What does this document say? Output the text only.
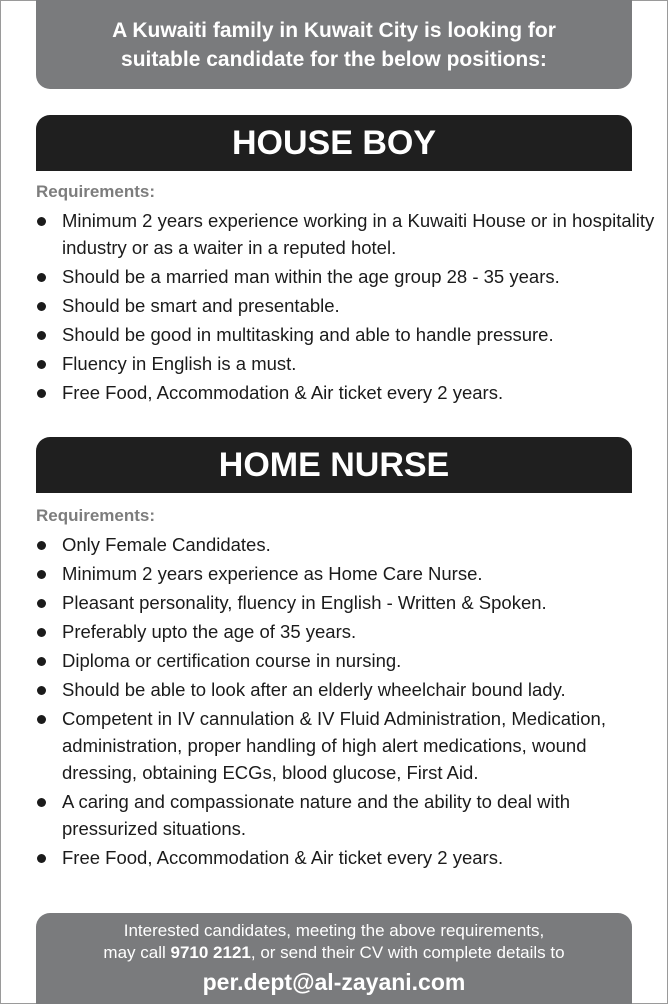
A Kuwaiti family in Kuwait City is looking for
suitable candidate for the below positions:
HOUSE BOY
Requirements:
Minimum 2 years experience working in a Kuwaiti House or in hospitality industry or as a waiter in a reputed hotel.
Should be a married man within the age group 28 - 35 years.
Should be smart and presentable.
Should be good in multitasking and able to handle pressure.
Fluency in English is a must.
Free Food, Accommodation & Air ticket every 2 years.
HOME NURSE
Requirements:
Only Female Candidates.
Minimum 2 years experience as Home Care Nurse.
Pleasant personality, fluency in English - Written & Spoken.
Preferably upto the age of 35 years.
Diploma or certification course in nursing.
Should be able to look after an elderly wheelchair bound lady.
Competent in IV cannulation & IV Fluid Administration, Medication, administration, proper handling of high alert medications, wound dressing, obtaining ECGs, blood glucose, First Aid.
A caring and compassionate nature and the ability to deal with pressurized situations.
Free Food, Accommodation & Air ticket every 2 years.
Interested candidates, meeting the above requirements,
may call 9710 2121, or send their CV with complete details to
per.dept@al-zayani.com
